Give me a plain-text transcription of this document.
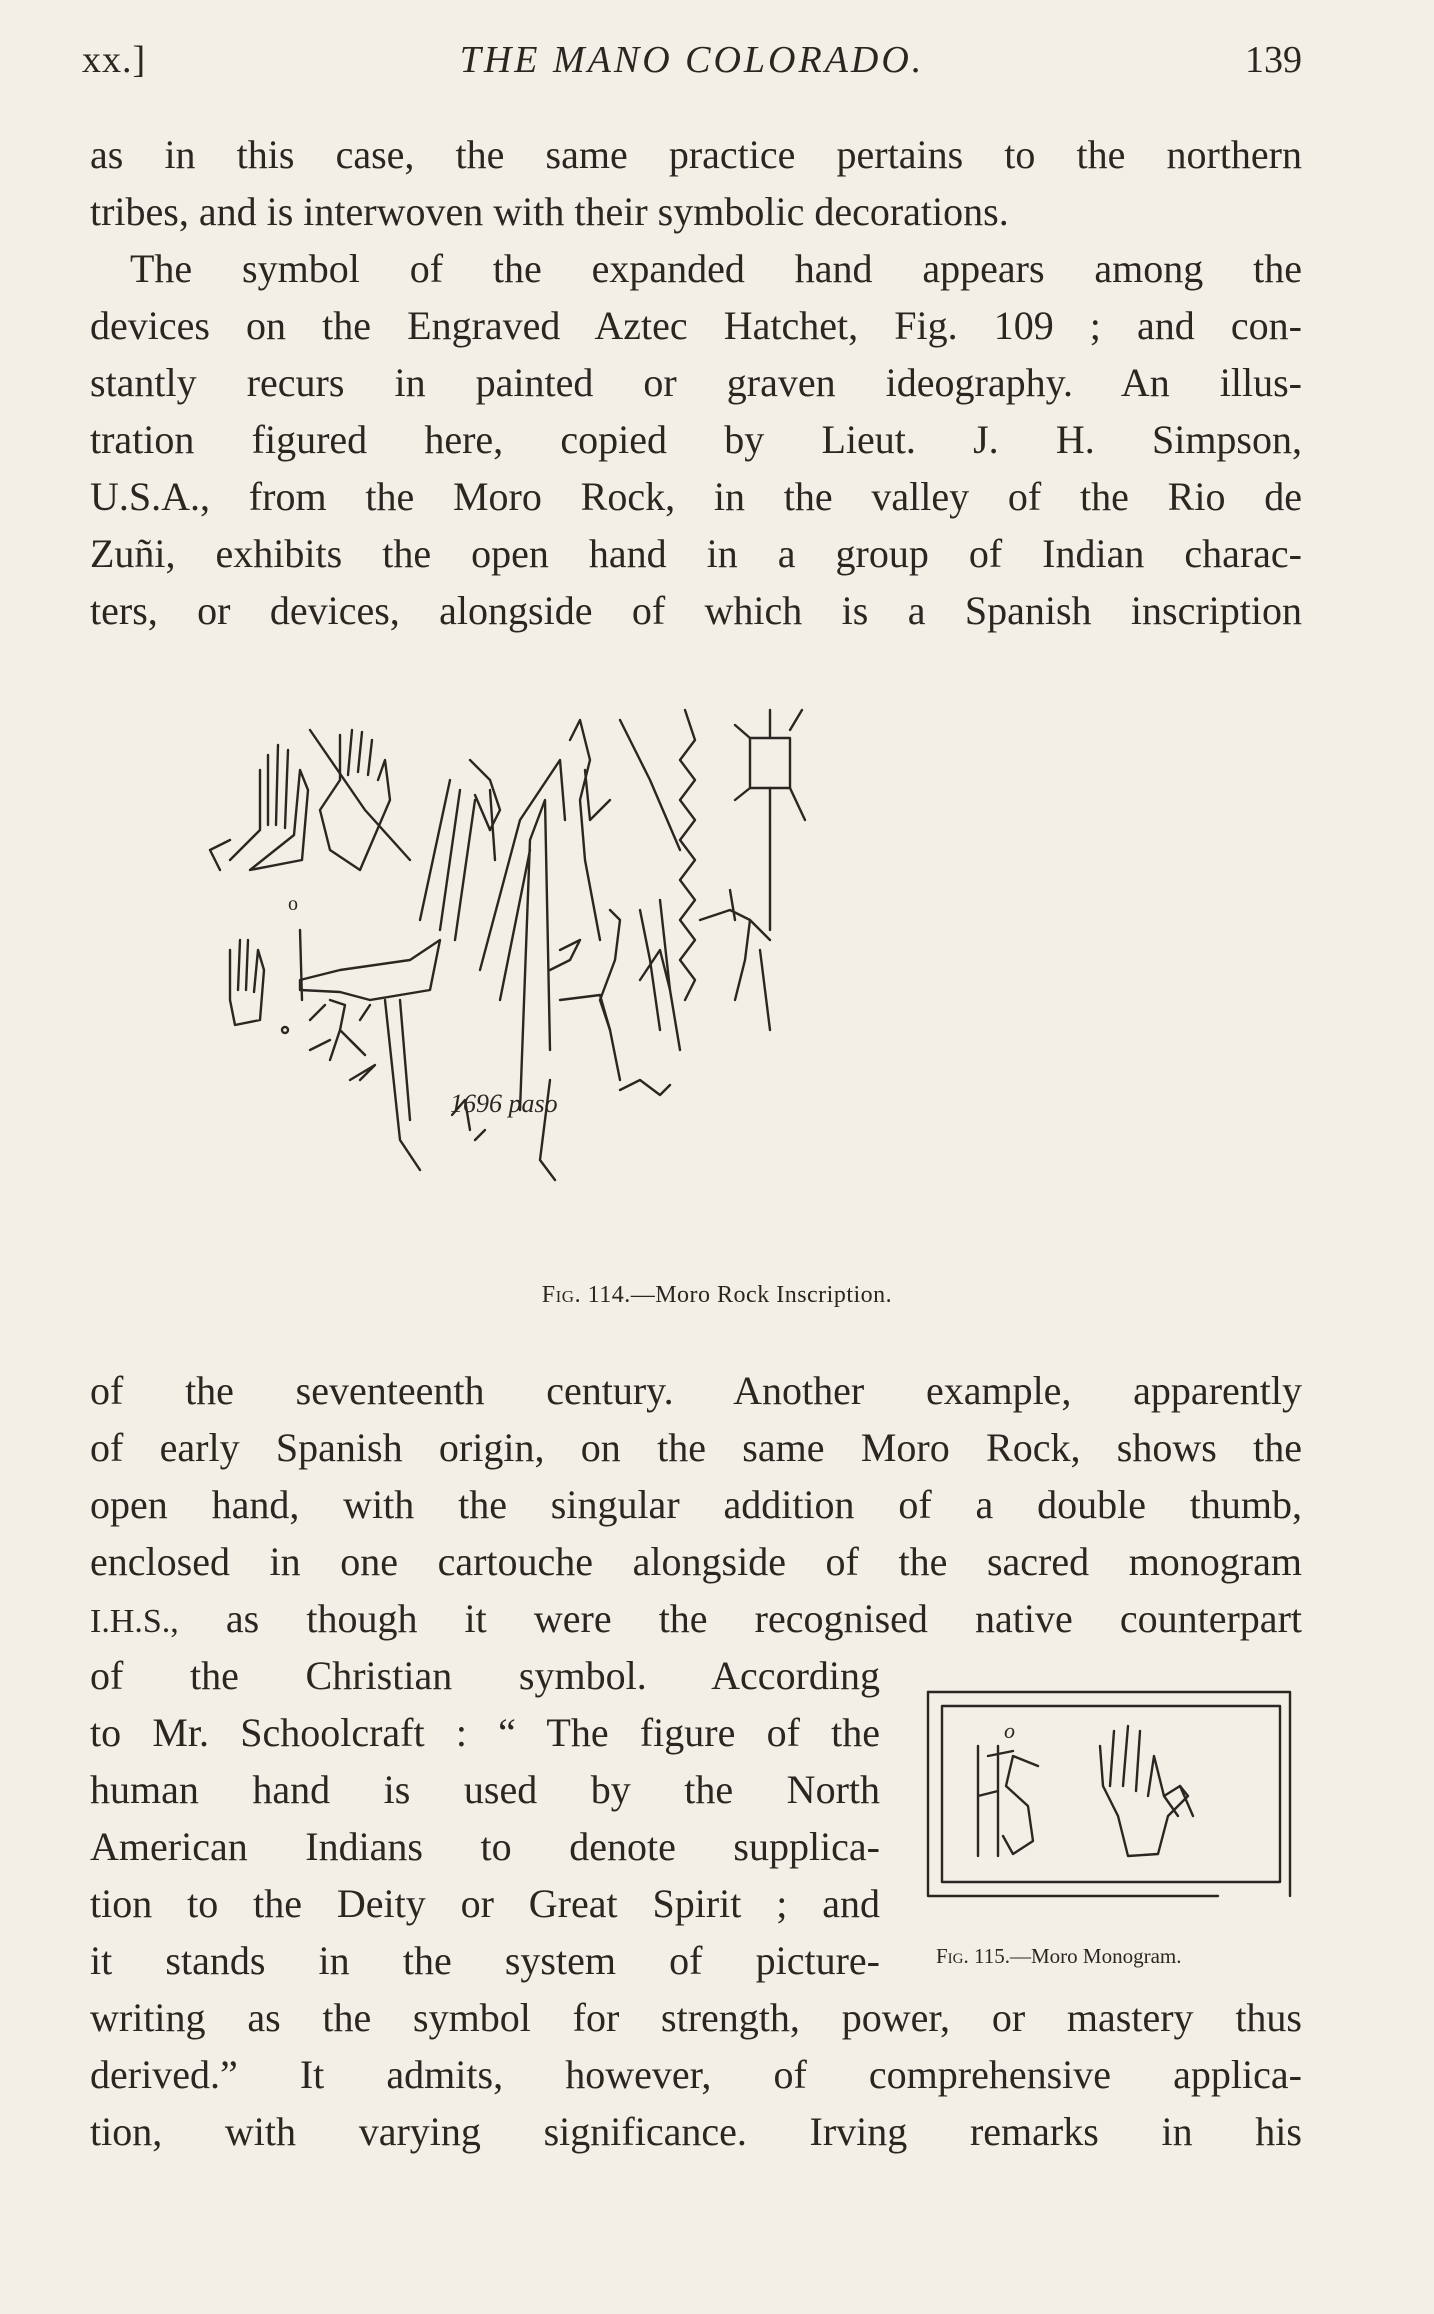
xx.]	THE MANO COLORADO.	139
as in this case, the same practice pertains to the northern
tribes, and is interwoven with their symbolic decorations.
The symbol of the expanded hand appears among the
devices on the Engraved Aztec Hatchet, Fig. 109 ; and con-
stantly recurs in painted or graven ideography. An illus-
tration figured here, copied by Lieut. J. H. Simpson,
U.S.A., from the Moro Rock, in the valley of the Rio de
Zuñi, exhibits the open hand in a group of Indian charac-
ters, or devices, alongside of which is a Spanish inscription
o
1696 paso
Fig. 114.—Moro Rock Inscription.
of the seventeenth century. Another example, apparently
of early Spanish origin, on the same Moro Rock, shows the
open hand, with the singular addition of a double thumb,
enclosed in one cartouche alongside of the sacred monogram
I.H.S., as though it were the recognised native counterpart
of the Christian symbol. According
to Mr. Schoolcraft : “ The figure of the
human hand is used by the North
American Indians to denote supplica-
tion to the Deity or Great Spirit ; and
it stands in the system of picture-
o
Fig. 115.—Moro Monogram.
writing as the symbol for strength, power, or mastery thus
derived.” It admits, however, of comprehensive applica-
tion, with varying significance. Irving remarks in his
